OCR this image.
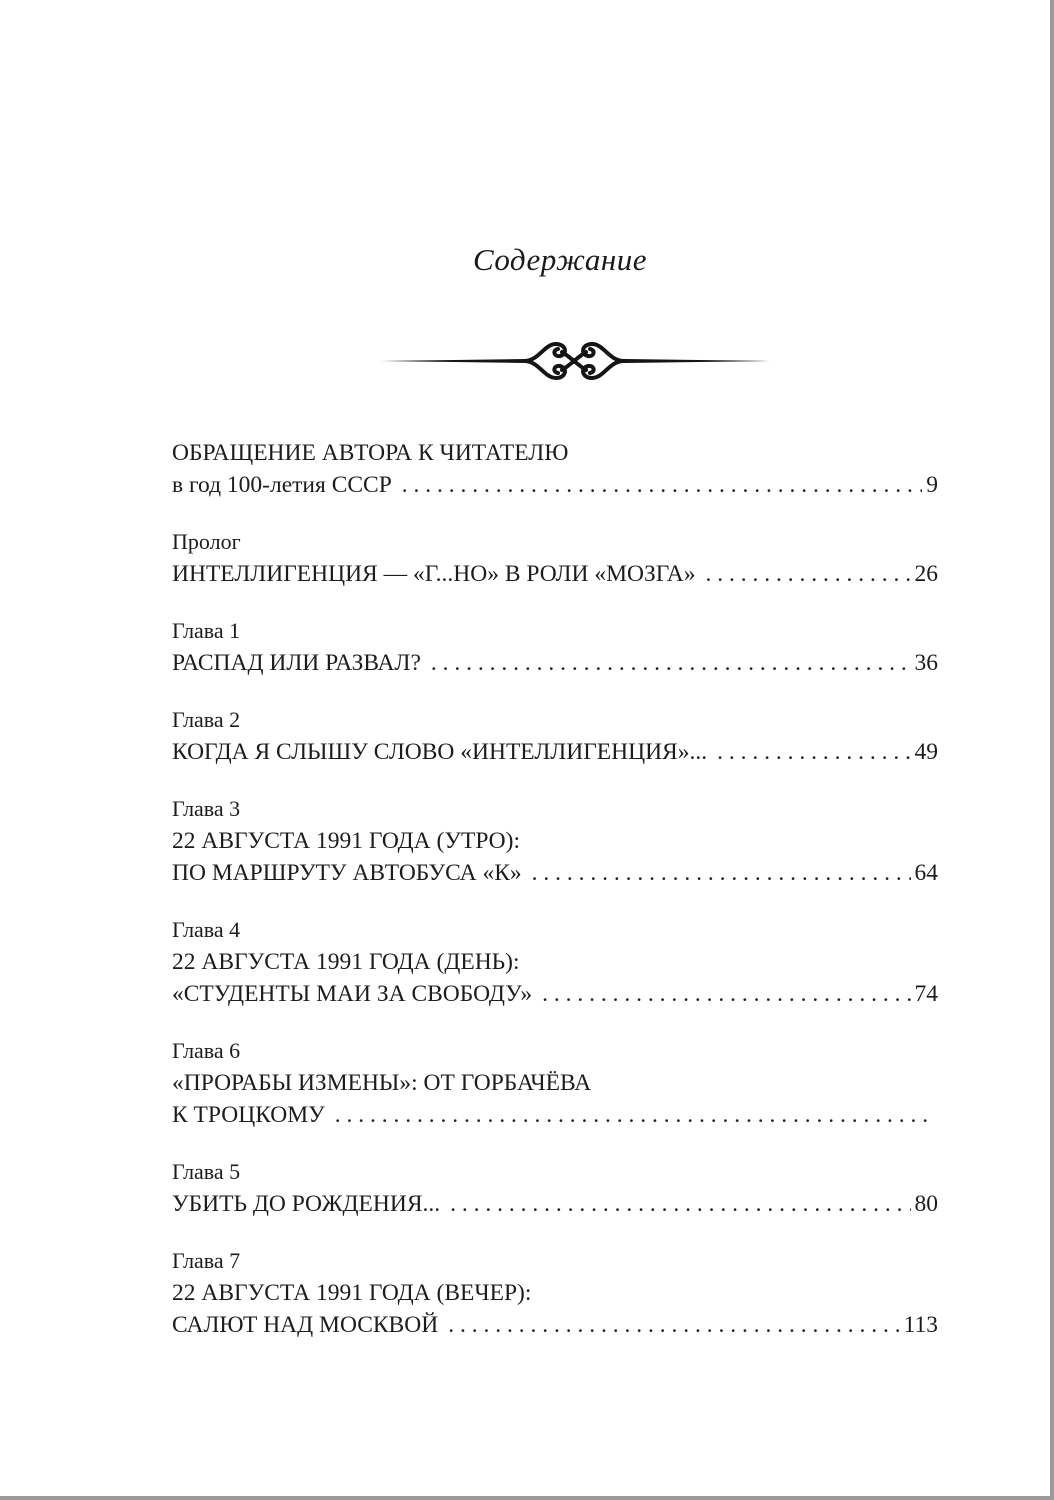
Содержание
ОБРАЩЕНИЕ АВТОРА К ЧИТАТЕЛЮ
в год 100-летия СССР . . .	9
Пролог
ИНТЕЛЛИГЕНЦИЯ — «Г...НО» В РОЛИ «МОЗГА» . . .	26
Глава 1
РАСПАД ИЛИ РАЗВАЛ? . . .	36
Глава 2
КОГДА Я СЛЫШУ СЛОВО «ИНТЕЛЛИГЕНЦИЯ»... . . .	49
Глава 3
22 АВГУСТА 1991 ГОДА (УТРО):
ПО МАРШРУТУ АВТОБУСА «К» . . .	64
Глава 4
22 АВГУСТА 1991 ГОДА (ДЕНЬ):
«СТУДЕНТЫ МАИ ЗА СВОБОДУ» . . .	74
Глава 6
«ПРОРАБЫ ИЗМЕНЫ»: ОТ ГОРБАЧЁВА
К ТРОЦКОМУ
. . .
Глава 5
УБИТЬ ДО РОЖДЕНИЯ... . . .	80
Глава 7
22 АВГУСТА 1991 ГОДА (ВЕЧЕР):
САЛЮТ НАД МОСКВОЙ . . .	113
